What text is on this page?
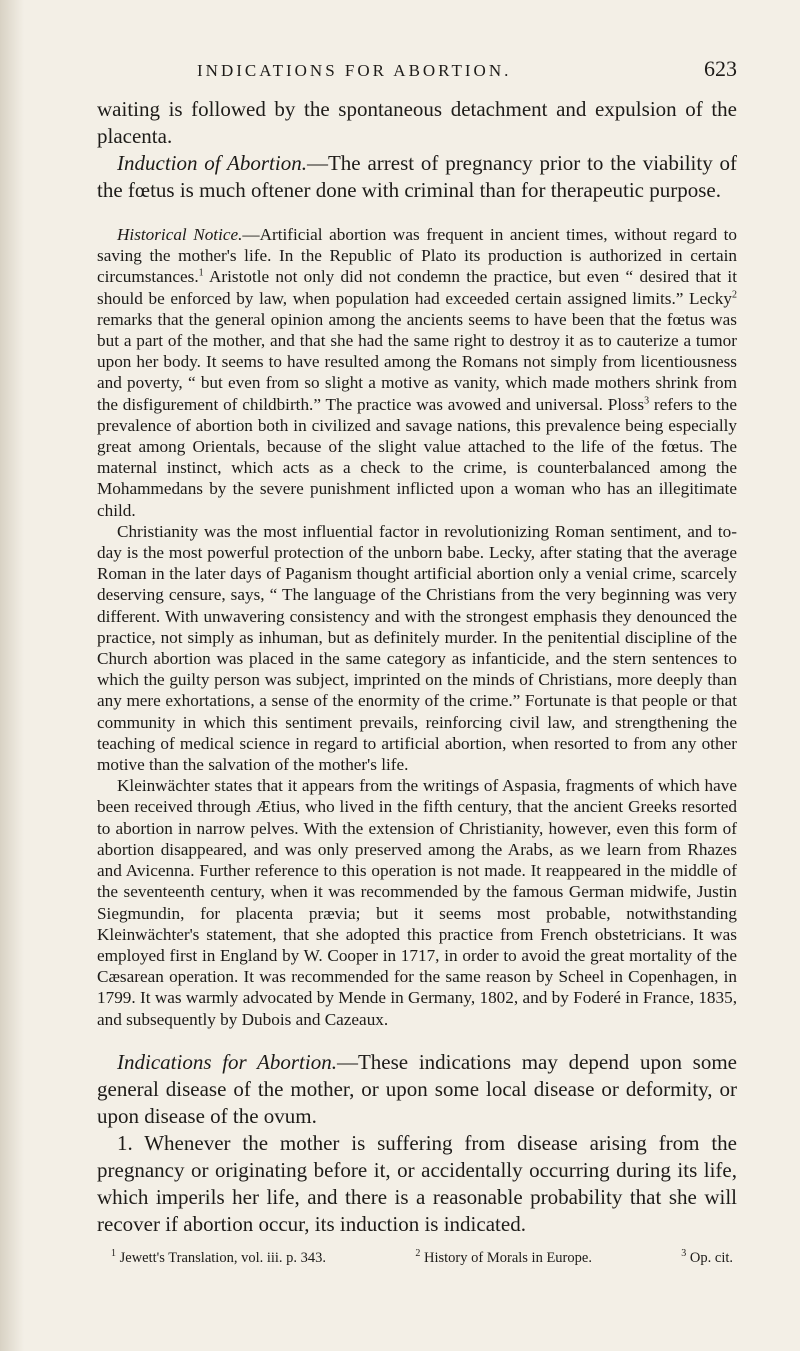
INDICATIONS FOR ABORTION.	623

waiting is followed by the spontaneous detachment and expulsion of the placenta.

Induction of Abortion.—The arrest of pregnancy prior to the viability of the fœtus is much oftener done with criminal than for therapeutic purpose.

Historical Notice.—Artificial abortion was frequent in ancient times, without regard to saving the mother's life. In the Republic of Plato its production is authorized in certain circumstances.$^1$ Aristotle not only did not condemn the practice, but even “ desired that it should be enforced by law, when population had exceeded certain assigned limits.” Lecky$^2$ remarks that the general opinion among the ancients seems to have been that the fœtus was but a part of the mother, and that she had the same right to destroy it as to cauterize a tumor upon her body. It seems to have resulted among the Romans not simply from licentiousness and poverty, “ but even from so slight a motive as vanity, which made mothers shrink from the disfigurement of childbirth.” The practice was avowed and universal. Ploss$^3$ refers to the prevalence of abortion both in civilized and savage nations, this prevalence being especially great among Orientals, because of the slight value attached to the life of the fœtus. The maternal instinct, which acts as a check to the crime, is counterbalanced among the Mohammedans by the severe punishment inflicted upon a woman who has an illegitimate child.

Christianity was the most influential factor in revolutionizing Roman sentiment, and to-day is the most powerful protection of the unborn babe. Lecky, after stating that the average Roman in the later days of Paganism thought artificial abortion only a venial crime, scarcely deserving censure, says, “ The language of the Christians from the very beginning was very different. With unwavering consistency and with the strongest emphasis they denounced the practice, not simply as inhuman, but as definitely murder. In the penitential discipline of the Church abortion was placed in the same category as infanticide, and the stern sentences to which the guilty person was subject, imprinted on the minds of Christians, more deeply than any mere exhortations, a sense of the enormity of the crime.” Fortunate is that people or that community in which this sentiment prevails, reinforcing civil law, and strengthening the teaching of medical science in regard to artificial abortion, when resorted to from any other motive than the salvation of the mother's life.

Kleinwächter states that it appears from the writings of Aspasia, fragments of which have been received through Ætius, who lived in the fifth century, that the ancient Greeks resorted to abortion in narrow pelves. With the extension of Christianity, however, even this form of abortion disappeared, and was only preserved among the Arabs, as we learn from Rhazes and Avicenna. Further reference to this operation is not made. It reappeared in the middle of the seventeenth century, when it was recommended by the famous German midwife, Justin Siegmundin, for placenta prævia; but it seems most probable, notwithstanding Kleinwächter's statement, that she adopted this practice from French obstetricians. It was employed first in England by W. Cooper in 1717, in order to avoid the great mortality of the Cæsarean operation. It was recommended for the same reason by Scheel in Copenhagen, in 1799. It was warmly advocated by Mende in Germany, 1802, and by Foderé in France, 1835, and subsequently by Dubois and Cazeaux.

Indications for Abortion.—These indications may depend upon some general disease of the mother, or upon some local disease or deformity, or upon disease of the ovum.

1. Whenever the mother is suffering from disease arising from the pregnancy or originating before it, or accidentally occurring during its life, which imperils her life, and there is a reasonable probability that she will recover if abortion occur, its induction is indicated.

$^1$ Jewett's Translation, vol. iii. p. 343.	$^2$ History of Morals in Europe.	$^3$ Op. cit.
